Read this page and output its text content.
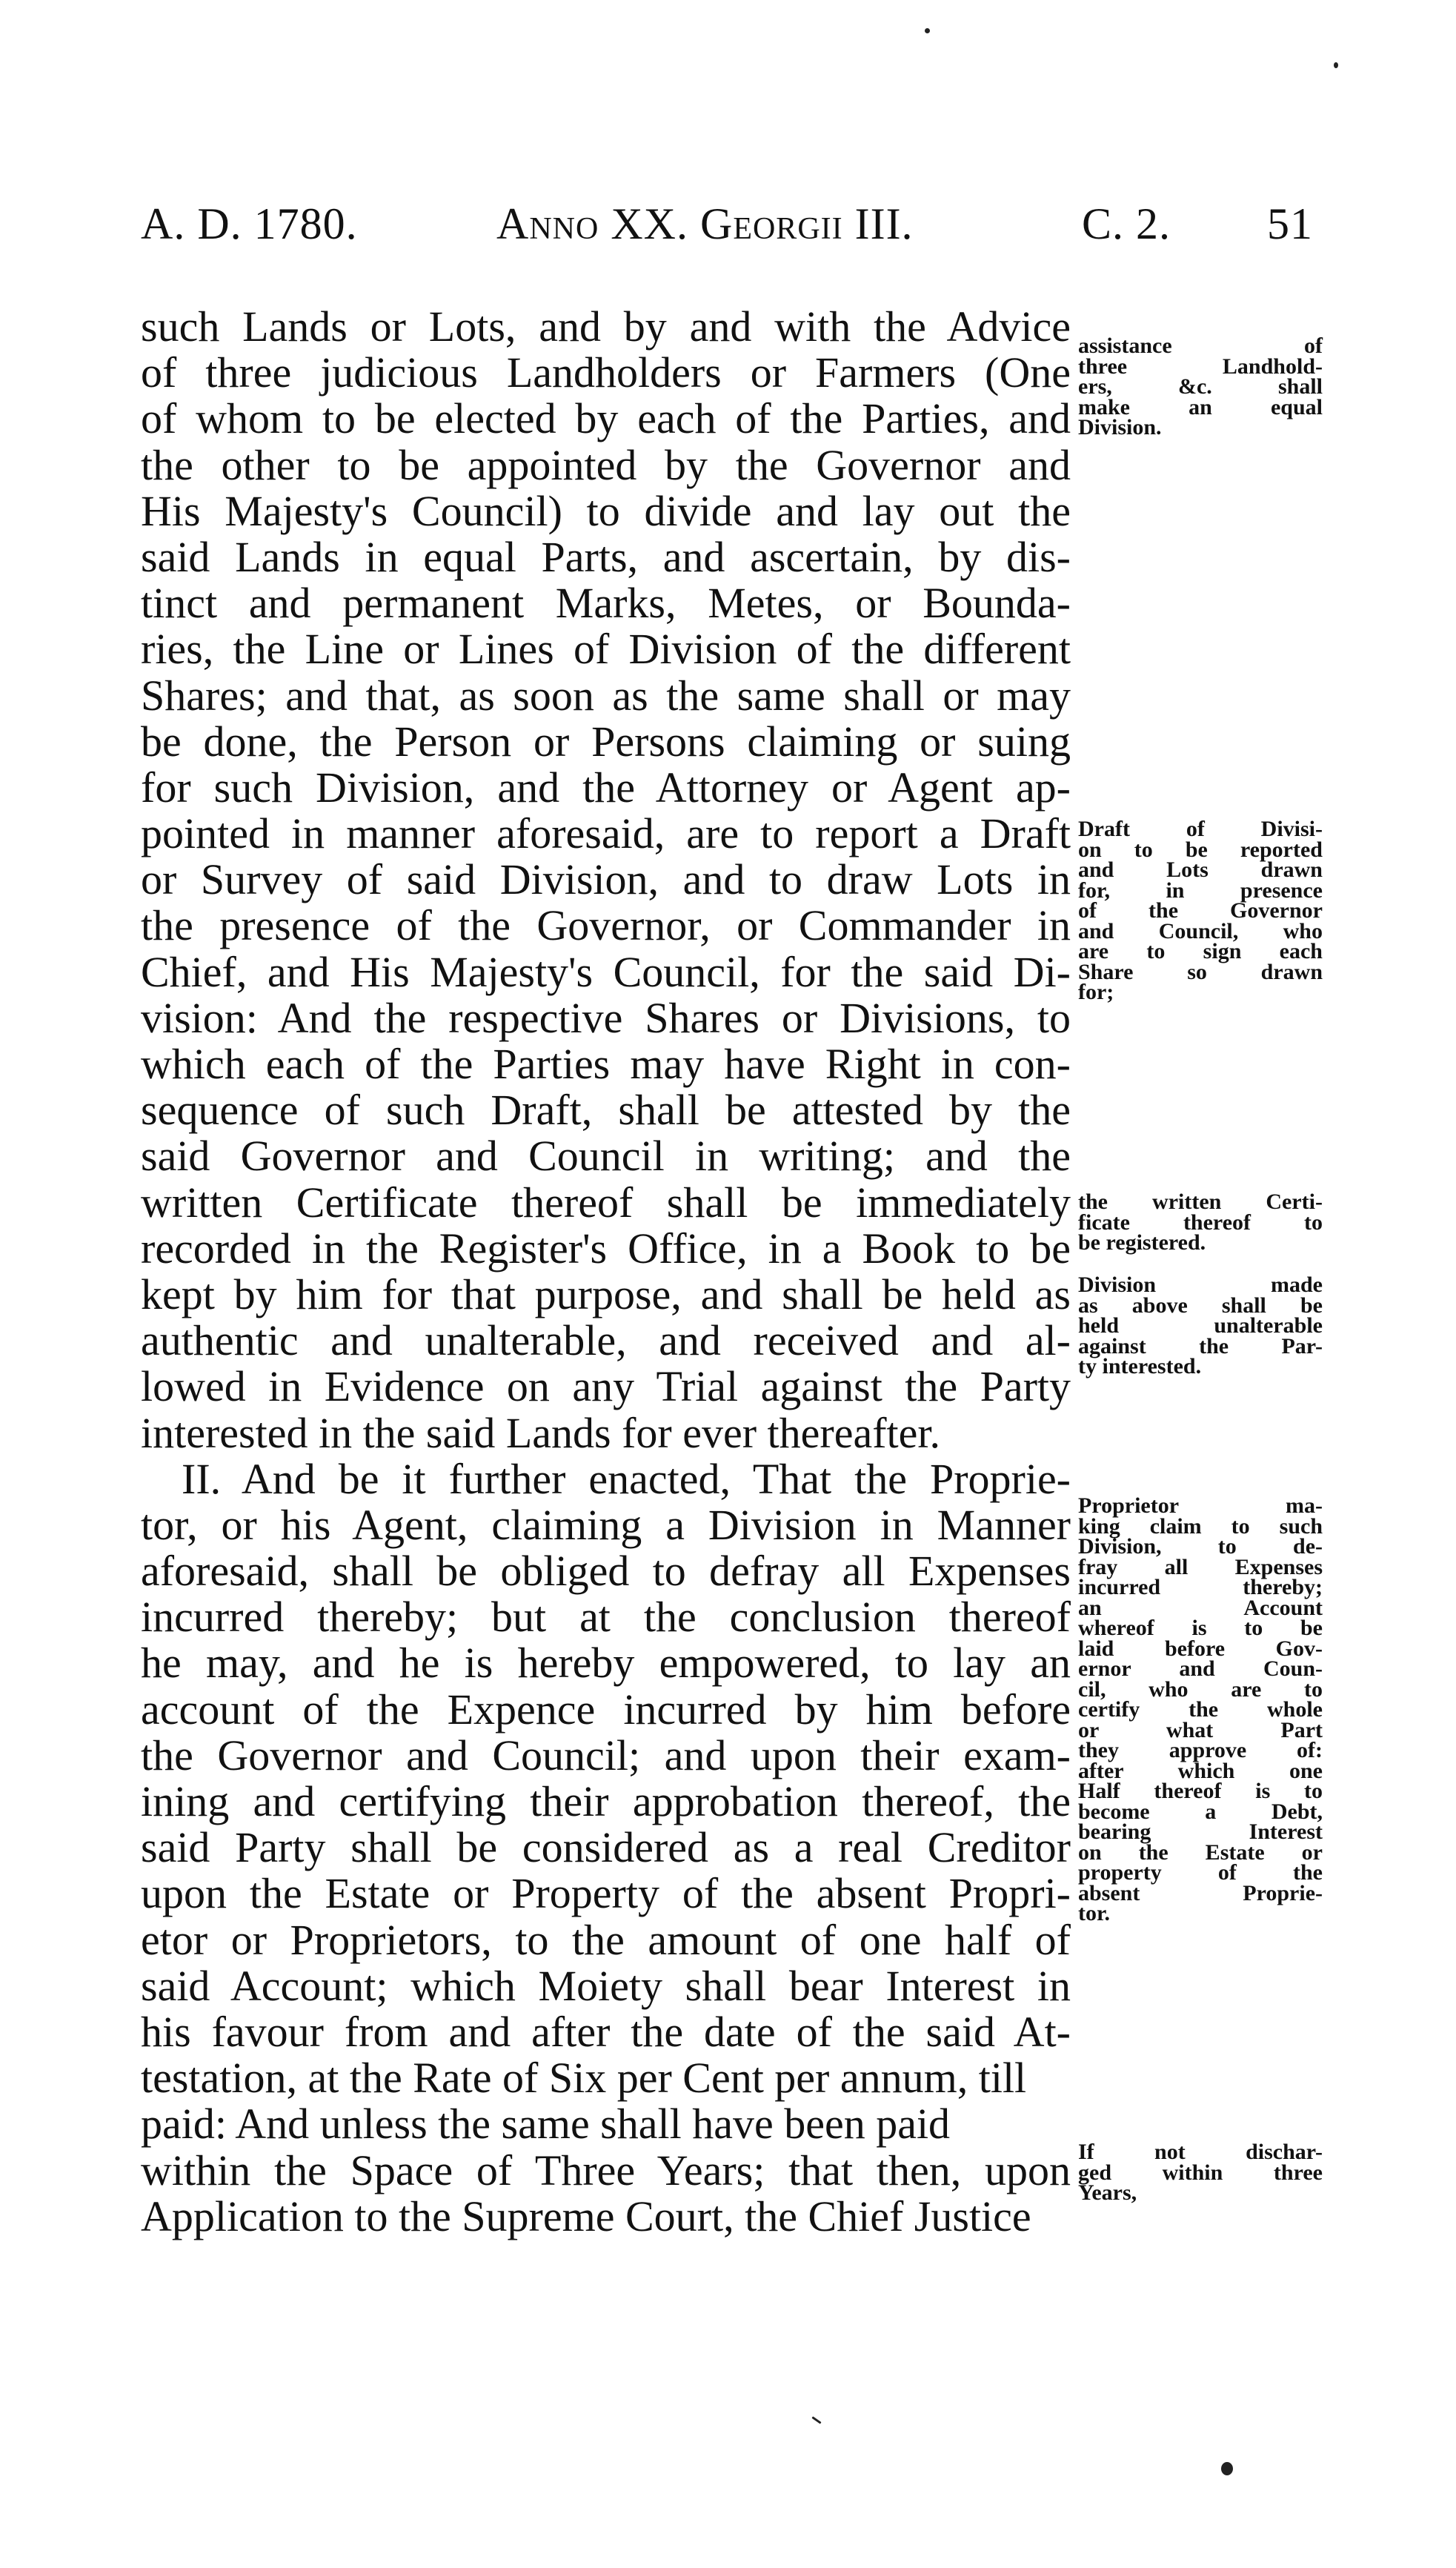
A. D. 1780.	Anno XX. Georgii III.	C. 2. 51
such Lands or Lots, and by and with the Advice
of three judicious Landholders or Farmers (One
of whom to be elected by each of the Parties, and
the other to be appointed by the Governor and
His Majesty's Council) to divide and lay out the
said Lands in equal Parts, and ascertain, by dis-
tinct and permanent Marks, Metes, or Bounda-
ries, the Line or Lines of Division of the different
Shares; and that, as soon as the same shall or may
be done, the Person or Persons claiming or suing
for such Division, and the Attorney or Agent ap-
pointed in manner aforesaid, are to report a Draft
or Survey of said Division, and to draw Lots in
the presence of the Governor, or Commander in
Chief, and His Majesty's Council, for the said Di-
vision: And the respective Shares or Divisions, to
which each of the Parties may have Right in con-
sequence of such Draft, shall be attested by the
said Governor and Council in writing; and the
written Certificate thereof shall be immediately
recorded in the Register's Office, in a Book to be
kept by him for that purpose, and shall be held as
authentic and unalterable, and received and al-
lowed in Evidence on any Trial against the Party
interested in the said Lands for ever thereafter.
II. And be it further enacted, That the Proprie-
tor, or his Agent, claiming a Division in Manner
aforesaid, shall be obliged to defray all Expenses
incurred thereby; but at the conclusion thereof
he may, and he is hereby empowered, to lay an
account of the Expence incurred by him before
the Governor and Council; and upon their exam-
ining and certifying their approbation thereof, the
said Party shall be considered as a real Creditor
upon the Estate or Property of the absent Propri-
etor or Proprietors, to the amount of one half of
said Account; which Moiety shall bear Interest in
his favour from and after the date of the said At-
testation, at the Rate of Six per Cent per annum, till
paid: And unless the same shall have been paid
within the Space of Three Years; that then, upon
Application to the Supreme Court, the Chief Justice
assistance of
three Landhold-
ers, &c. shall
make an equal
Division.
Draft of Divisi-
on to be reported
and Lots drawn
for, in presence
of the Governor
and Council, who
are to sign each
Share so drawn
for;
the written Certi-
ficate thereof to
be registered.
Division made
as above shall be
held unalterable
against the Par-
ty interested.
Proprietor ma-
king claim to such
Division, to de-
fray all Expenses
incurred thereby;
an Account
whereof is to be
laid before Gov-
ernor and Coun-
cil, who are to
certify the whole
or what Part
they approve of:
after which one
Half thereof is to
become a Debt,
bearing Interest
on the Estate or
property of the
absent Proprie-
tor.
If not dischar-
ged within three
Years,
